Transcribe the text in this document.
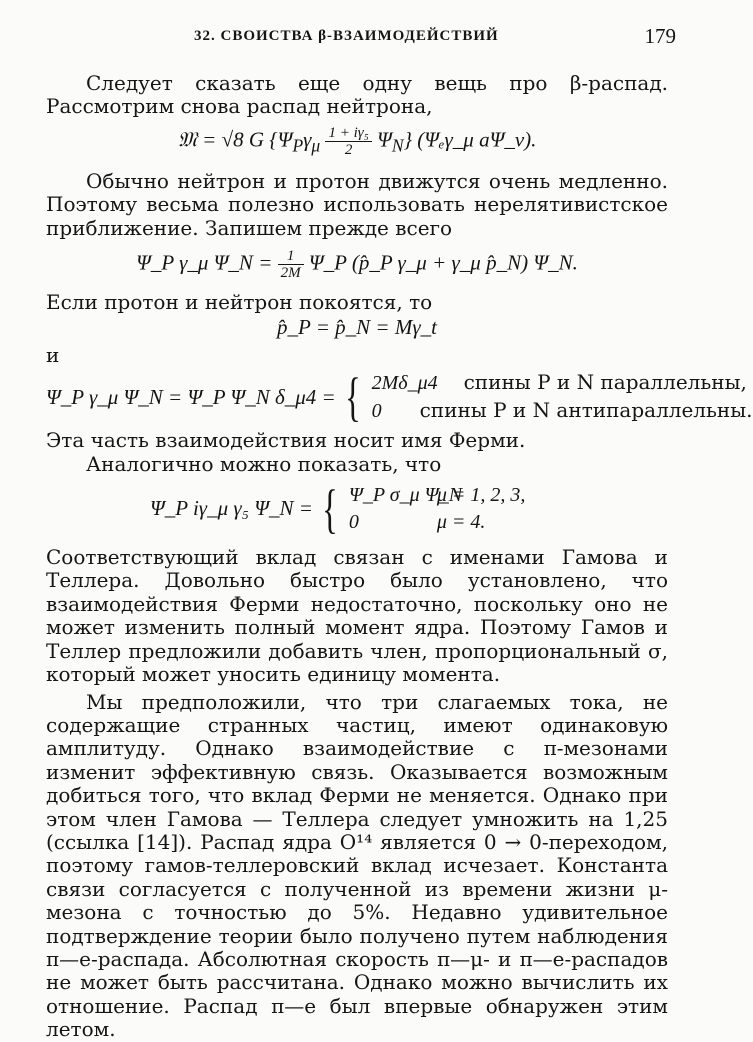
32. СВОИСТВА β-ВЗАИМОДЕЙСТВИЙ	179

Следует сказать еще одну вещь про β-распад. Рассмотрим снова распад нейтрона,

𝔐 = √8 G $\{\Psi_P\gamma_\mu \frac{\text{1 + iγ₅}}{2} \Psi_N\}$ (Ψₑγ_μ aΨ_ν).

Обычно нейтрон и протон движутся очень медленно. Поэтому весьма полезно использовать нерелятивистское приближение. Запишем прежде всего

Ψ_P γ_μ Ψ_N = $\frac{1}{2M}$ Ψ_P (p̂_P γ_μ + γ_μ p̂_N) Ψ_N.

Если протон и нейтрон покоятся, то

p̂_P = p̂_N = Mγ_t

и

Ψ_P γ_μ Ψ_N = Ψ_P Ψ_N δ_μ4 = { 2Mδ_μ4 спины P и N параллельны,
0 спины P и N антипараллельны.

Эта часть взаимодействия носит имя Ферми.

Аналогично можно показать, что

Ψ_P iγ_μ γ₅ Ψ_N = { Ψ_P σ_μ Ψ_Nμ = 1, 2, 3,
0	μ = 4.

Соответствующий вклад связан с именами Гамова и Теллера. Довольно быстро было установлено, что взаимодействия Ферми недостаточно, поскольку оно не может изменить полный момент ядра. Поэтому Гамов и Теллер предложили добавить член, пропорциональный σ, который может уносить единицу момента.

Мы предположили, что три слагаемых тока, не содержащие странных частиц, имеют одинаковую амплитуду. Однако взаимодействие с π-мезонами изменит эффективную связь. Оказывается возможным добиться того, что вклад Ферми не меняется. Однако при этом член Гамова — Теллера следует умножить на 1,25 (ссылка [14]). Распад ядра O¹⁴ является 0 → 0-переходом, поэтому гамов-теллеровский вклад исчезает. Константа связи согласуется с полученной из времени жизни μ-мезона с точностью до 5%. Недавно удивительное подтверждение теории было получено путем наблюдения π—e-распада. Абсолютная скорость π—μ- и π—e-распадов не может быть рассчитана. Однако можно вычислить их отношение. Распад π—e был впервые обнаружен этим летом.
